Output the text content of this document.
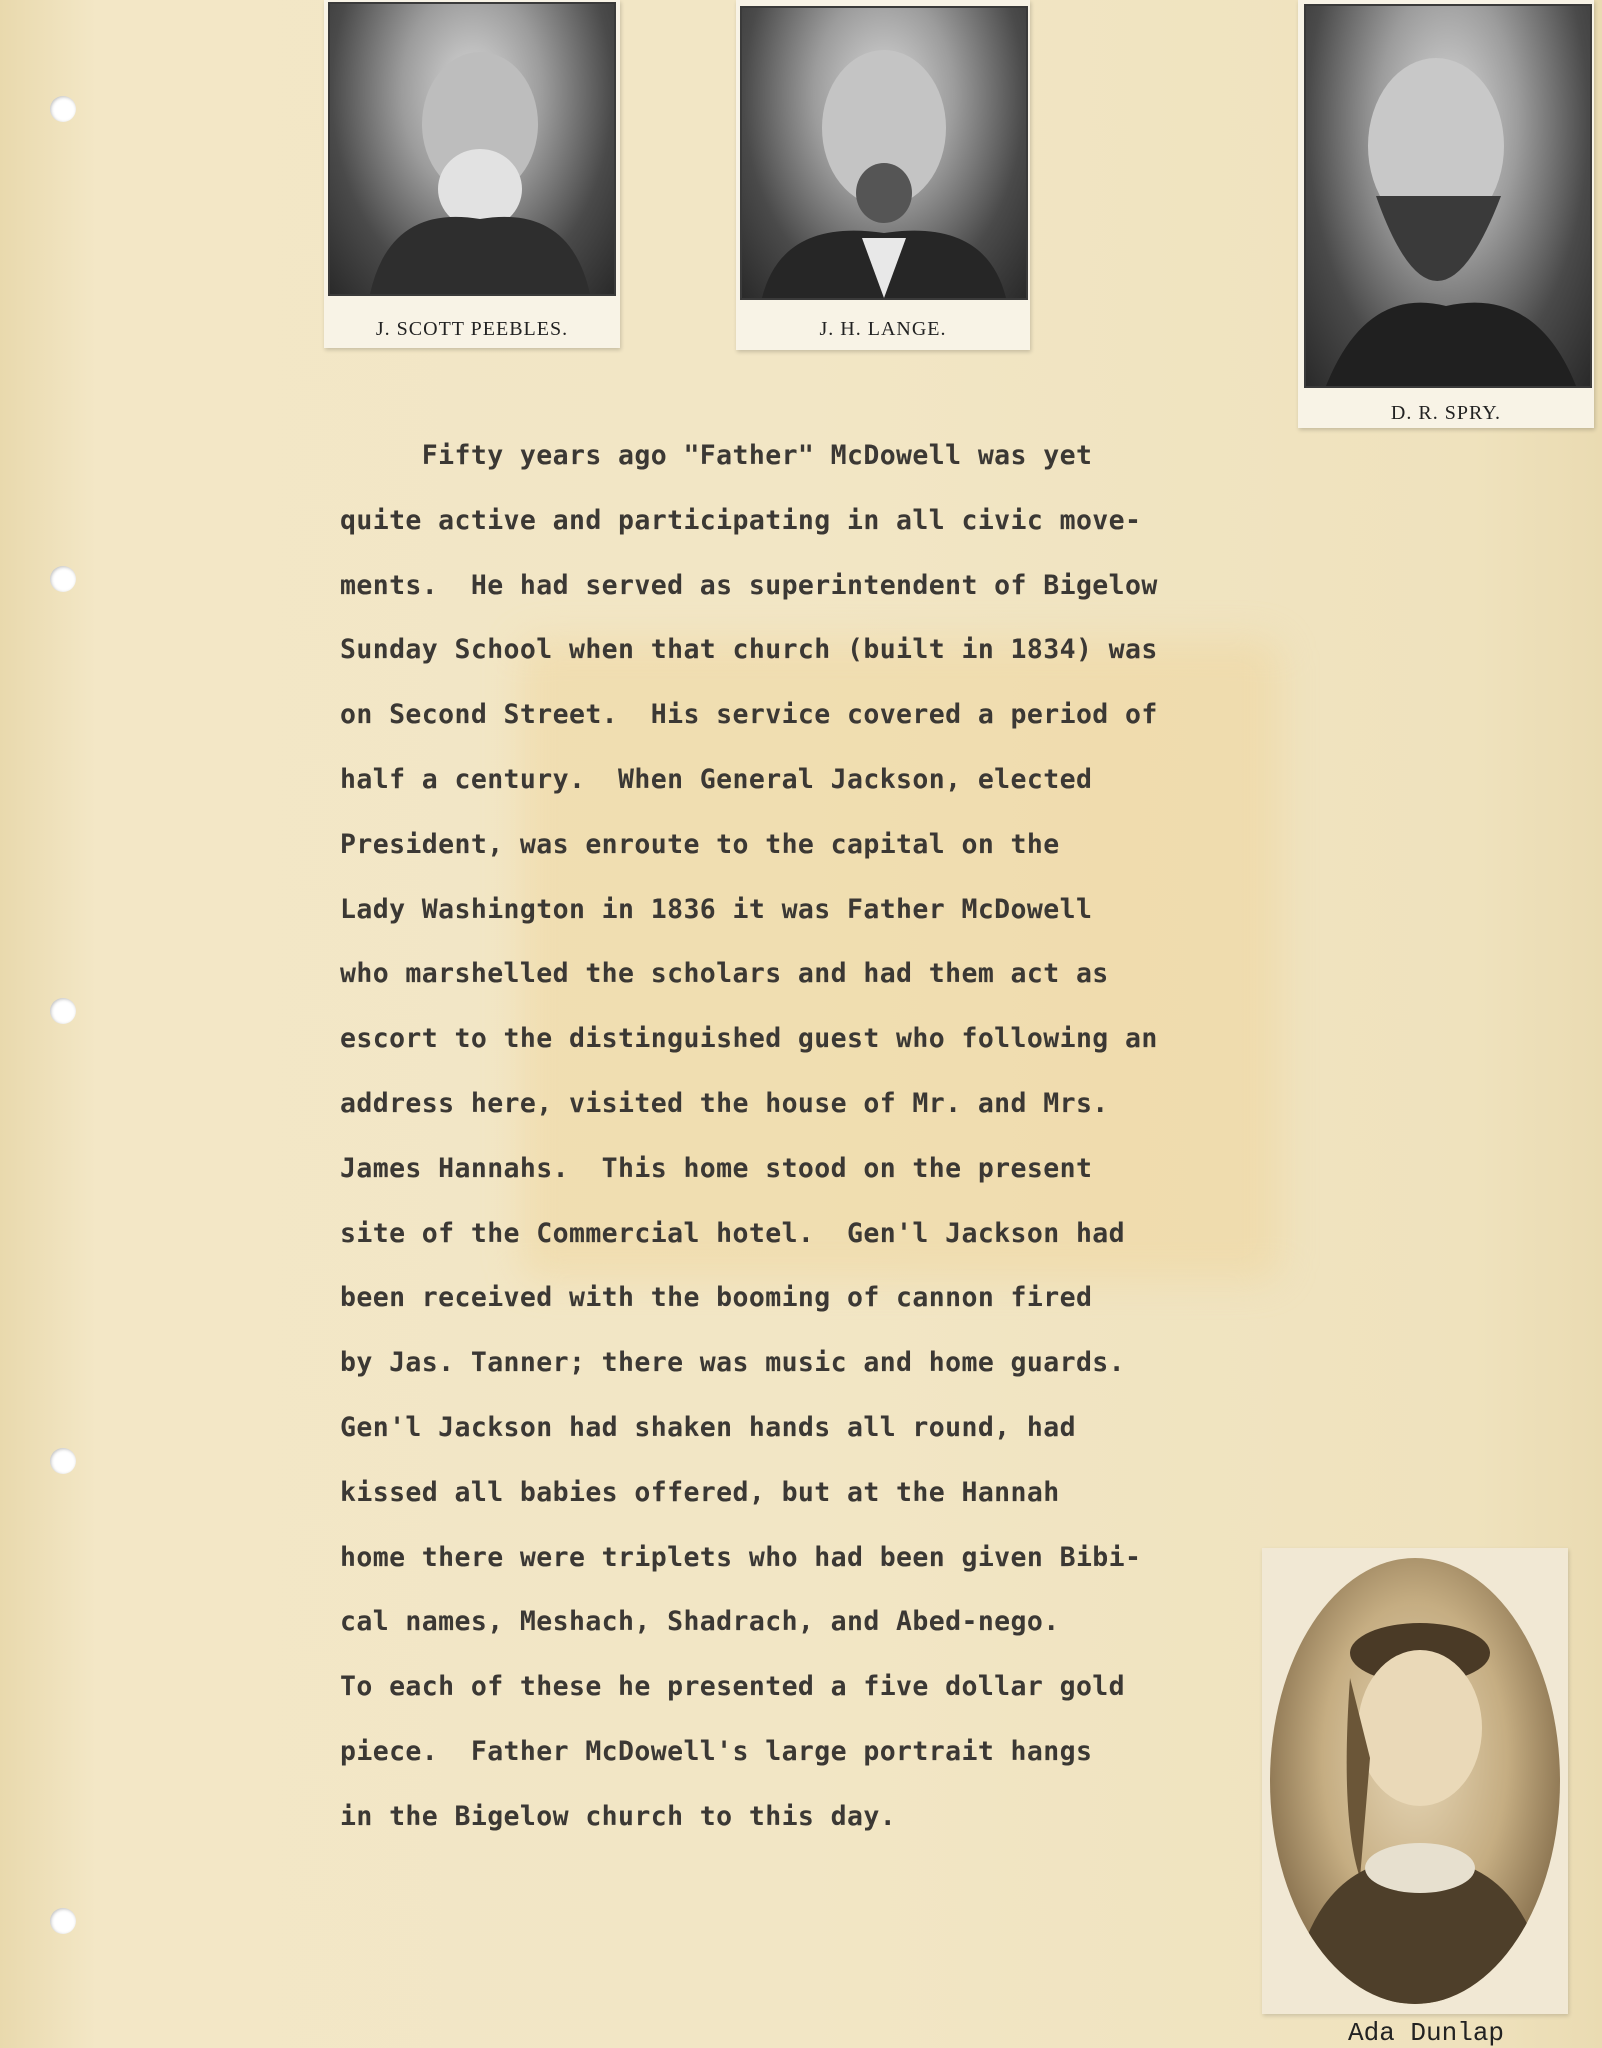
J. SCOTT PEEBLES.	J. H. LANGE.
D. R. SPRY.
​
Fifty years ago "Father" McDowell was yet
quite active and participating in all civic move-
ments.  He had served as superintendent of Bigelow
Sunday School when that church (built in 1834) was
on Second Street.  His service covered a period of
half a century.  When General Jackson, elected
President, was enroute to the capital on the
Lady Washington in 1836 it was Father McDowell
who marshelled the scholars and had them act as
escort to the distinguished guest who following an
address here, visited the house of Mr. and Mrs.
James Hannahs.  This home stood on the present
site of the Commercial hotel.  Gen'l Jackson had
been received with the booming of cannon fired
by Jas. Tanner; there was music and home guards.
Gen'l Jackson had shaken hands all round, had
kissed all babies offered, but at the Hannah
home there were triplets who had been given Bibi-
cal names, Meshach, Shadrach, and Abed-nego.
To each of these he presented a five dollar gold
piece.  Father McDowell's large portrait hangs
in the Bigelow church to this day.
Ada Dunlap
